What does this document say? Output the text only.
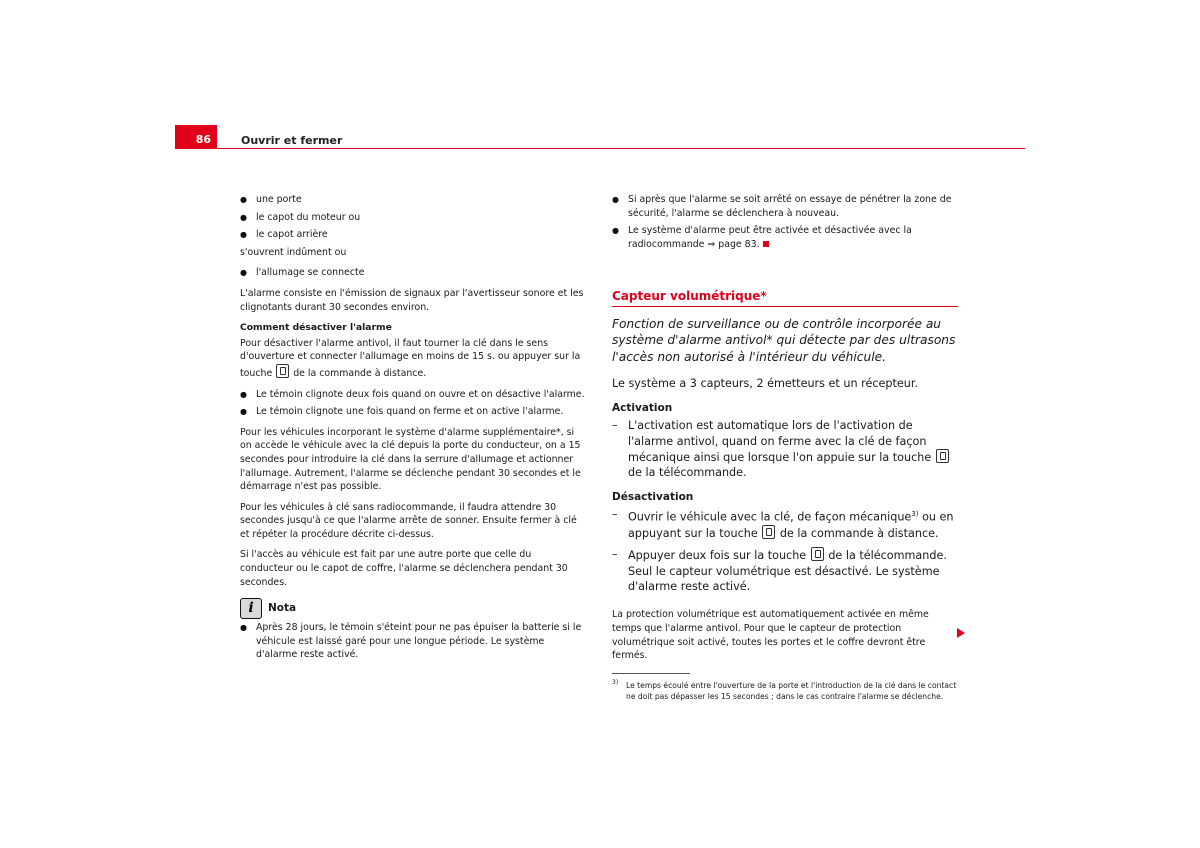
86	Ouvrir et fermer
● une porte
● le capot du moteur ou
● le capot arrière

s'ouvrent indûment ou

● l'allumage se connecte

L'alarme consiste en l'émission de signaux par l'avertisseur sonore et les clignotants durant 30 secondes environ.

Comment désactiver l'alarme

Pour désactiver l'alarme antivol, il faut tourner la clé dans le sens d'ouverture et connecter l'allumage en moins de 15 s. ou appuyer sur la touche de la commande à distance.

● Le témoin clignote deux fois quand on ouvre et on désactive l'alarme.
● Le témoin clignote une fois quand on ferme et on active l'alarme.

Pour les véhicules incorporant le système d'alarme supplémentaire*, si on accède le véhicule avec la clé depuis la porte du conducteur, on a 15 secondes pour introduire la clé dans la serrure d'allumage et actionner l'allumage. Autrement, l'alarme se déclenche pendant 30 secondes et le démarrage n'est pas possible.

Pour les véhicules à clé sans radiocommande, il faudra attendre 30 secondes jusqu'à ce que l'alarme arrête de sonner. Ensuite fermer à clé et répéter la procédure décrite ci-dessus.

Si l'accès au véhicule est fait par une autre porte que celle du conducteur ou le capot de coffre, l'alarme se déclenchera pendant 30 secondes.

i Nota
● Après 28 jours, le témoin s'éteint pour ne pas épuiser la batterie si le véhicule est laissé garé pour une longue période. Le système d'alarme reste activé.
● Si après que l'alarme se soit arrêté on essaye de pénétrer la zone de sécurité, l'alarme se déclenchera à nouveau.
● Le système d'alarme peut être activée et désactivée avec la radiocommande ⇒ page 83.
Capteur volumétrique*
Fonction de surveillance ou de contrôle incorporée au système d'alarme antivol* qui détecte par des ultrasons l'accès non autorisé à l'intérieur du véhicule.
Le système a 3 capteurs, 2 émetteurs et un récepteur.
Activation
– L'activation est automatique lors de l'activation de l'alarme antivol, quand on ferme avec la clé de façon mécanique ainsi que lorsque l'on appuie sur la touche  de la télécommande.
Désactivation
– Ouvrir le véhicule avec la clé, de façon mécanique$^{3)}$ ou en appuyant sur la touche de la commande à distance.
– Appuyer deux fois sur la touche de la télécommande. Seul le capteur volumétrique est désactivé. Le système d'alarme reste activé.

La protection volumétrique est automatiquement activée en même temps que l'alarme antivol. Pour que le capteur de protection volumétrique soit activé, toutes les portes et le coffre devront être fermés.

3) Le temps écoulé entre l'ouverture de la porte et l'introduction de la clé dans le contact ne doit pas dépasser les 15 secondes ; dans le cas contraire l'alarme se déclenche.
